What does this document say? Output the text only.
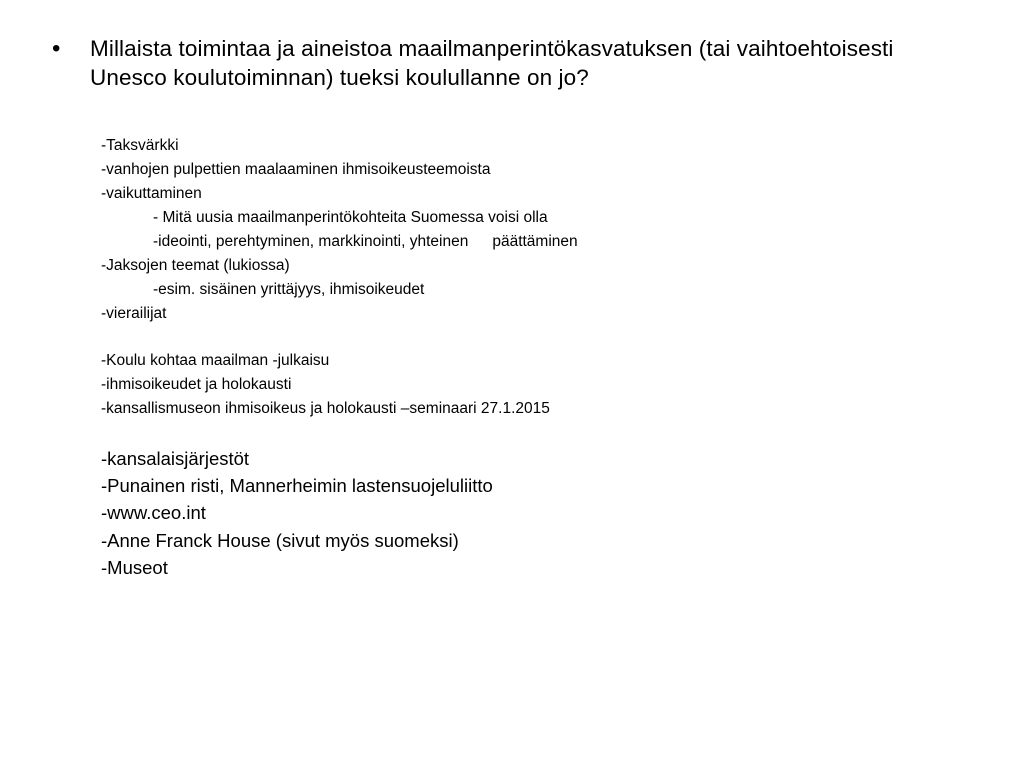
• Millaista toimintaa ja aineistoa maailmanperintökasvatuksen (tai vaihtoehtoisesti Unesco koulutoiminnan) tueksi koulullanne on jo?
-Taksvärkki
-vanhojen pulpettien maalaaminen ihmisoikeusteemoista
-vaikuttaminen
- Mitä uusia maailmanperintökohteita Suomessa voisi olla
-ideointi, perehtyminen, markkinointi, yhteinen päättäminen
-Jaksojen teemat (lukiossa)
-esim. sisäinen yrittäjyys, ihmisoikeudet
-vierailijat
-Koulu kohtaa maailman -julkaisu
-ihmisoikeudet ja holokausti
-kansallismuseon ihmisoikeus ja holokausti –seminaari 27.1.2015
-kansalaisjärjestöt
-Punainen risti, Mannerheimin lastensuojeluliitto
-www.ceo.int
-Anne Franck House (sivut myös suomeksi)
-Museot
